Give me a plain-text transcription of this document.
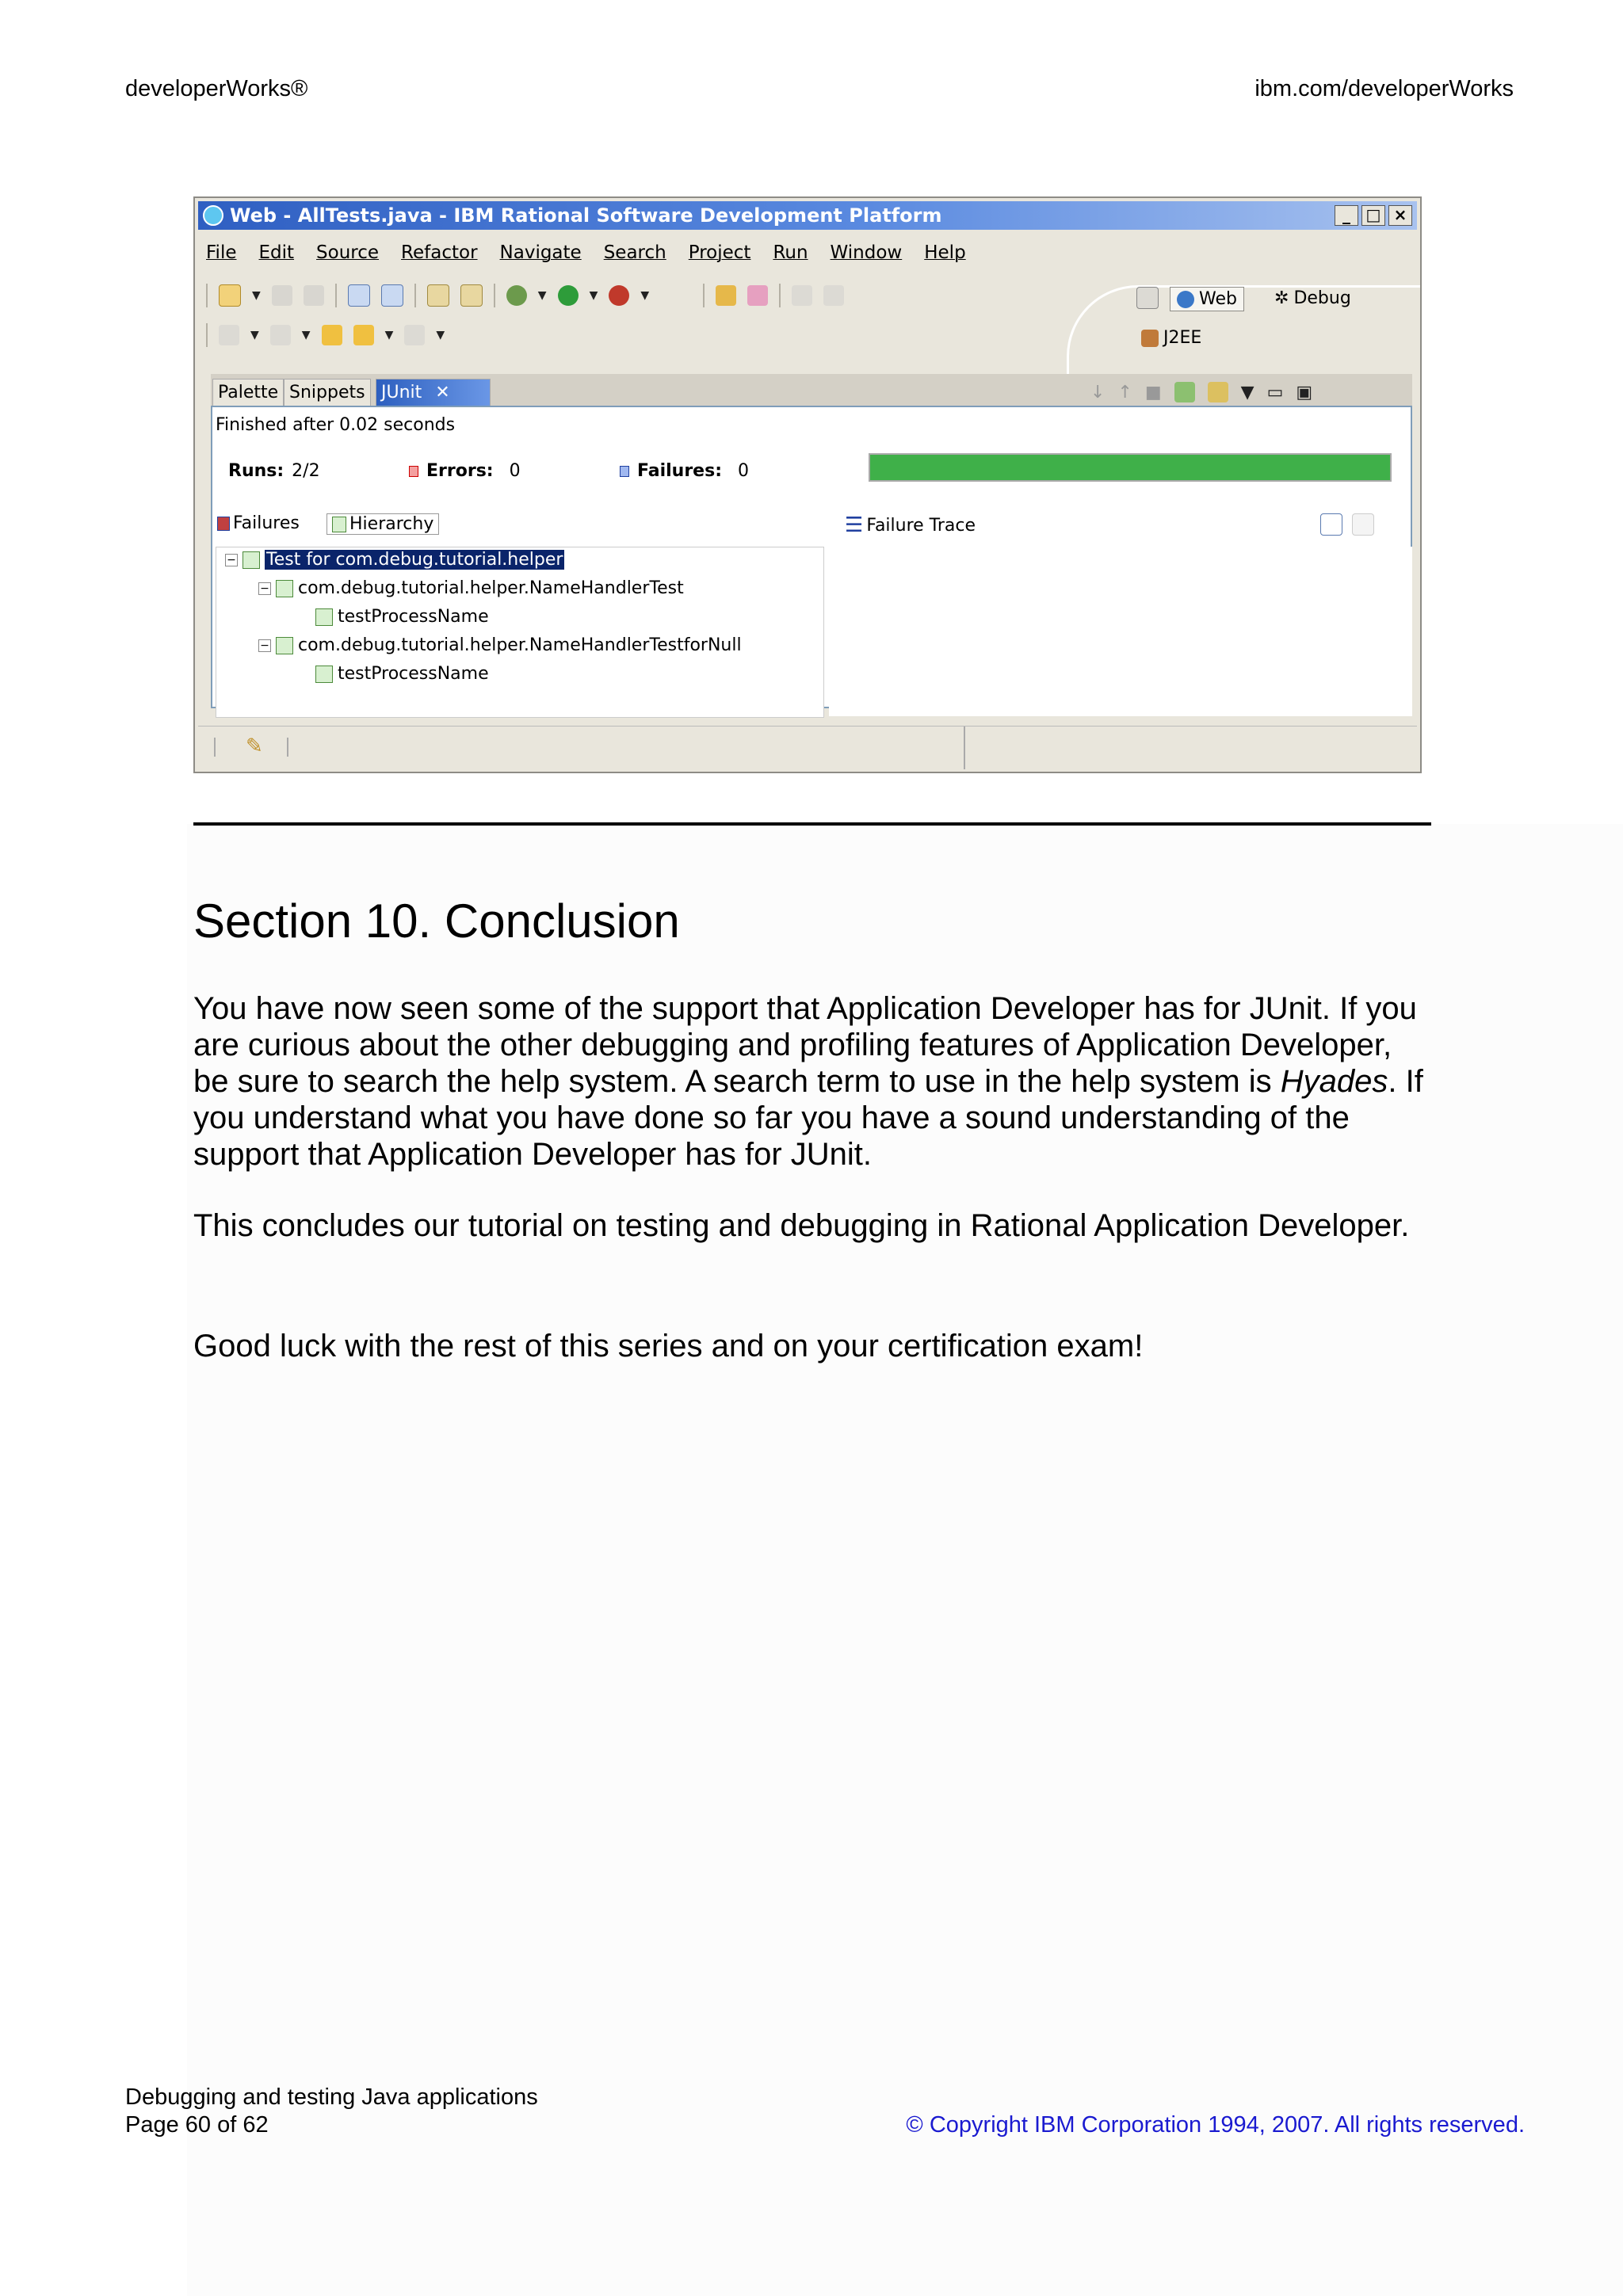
developerWorks®	ibm.com/developerWorks
Web - AllTests.java - IBM Rational Software Development Platform	_ □ ×
File Edit Source Refactor Navigate Search Project Run Window Help
▼	▼	▼	▼
▼	▼	▼	▼
Web ✲ Debug
J2EE
Palette Snippets JUnit ✕	↓ ↑ ■	▼ ▭ ▣
Finished after 0.02 seconds
Runs: 2/2	Errors: 0	Failures: 0
Failures	Hierarchy	☰ Failure Trace
− Test for com.debug.tutorial.helper
− com.debug.tutorial.helper.NameHandlerTest
testProcessName
− com.debug.tutorial.helper.NameHandlerTestforNull
testProcessName
✎
Section 10. Conclusion

You have now seen some of the support that Application Developer has for JUnit. If you are curious about the other debugging and profiling features of Application Developer, be sure to search the help system. A search term to use in the help system is Hyades. If you understand what you have done so far you have a sound understanding of the support that Application Developer has for JUnit.

This concludes our tutorial on testing and debugging in Rational Application Developer.

Good luck with the rest of this series and on your certification exam!

Debugging and testing Java applications
Page 60 of 62	© Copyright IBM Corporation 1994, 2007. All rights reserved.
